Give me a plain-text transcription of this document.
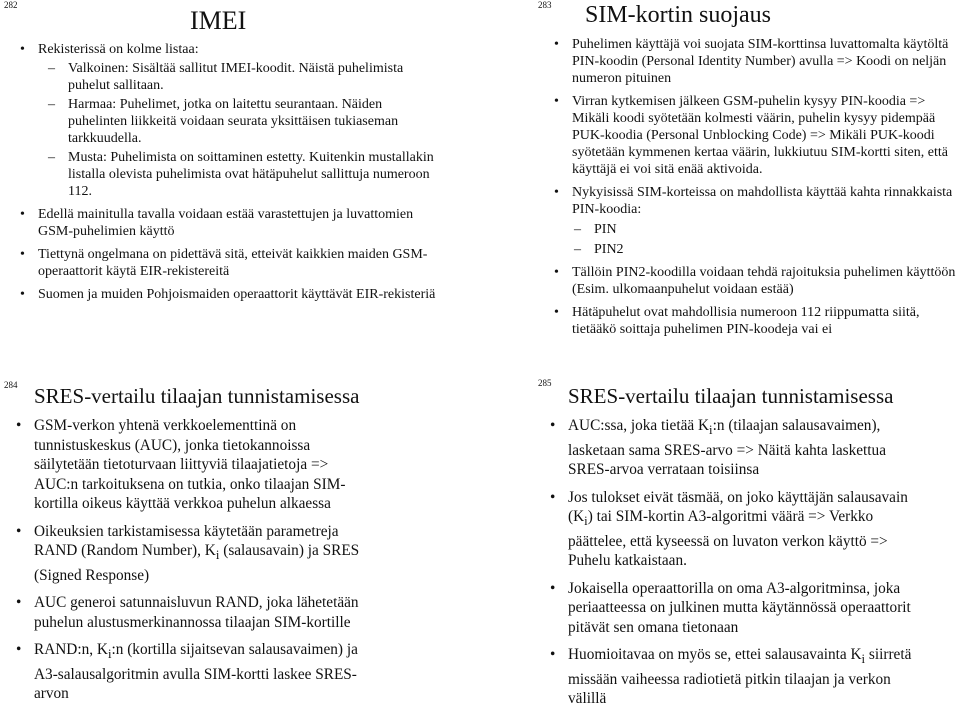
282
IMEI
• Rekisterissä on kolme listaa:
– Valkoinen: Sisältää sallitut IMEI-koodit. Näistä puhelimista puhelut sallitaan.
– Harmaa: Puhelimet, jotka on laitettu seurantaan. Näiden puhelinten liikkeitä voidaan seurata yksittäisen tukiaseman tarkkuudella.
– Musta: Puhelimista on soittaminen estetty. Kuitenkin mustallakin listalla olevista puhelimista ovat hätäpuhelut sallittuja numeroon 112.
• Edellä mainitulla tavalla voidaan estää varastettujen ja luvattomien GSM-puhelimien käyttö
• Tiettynä ongelmana on pidettävä sitä, etteivät kaikkien maiden GSM-operaattorit käytä EIR-rekistereitä
• Suomen ja muiden Pohjoismaiden operaattorit käyttävät EIR-rekisteriä
283 SIM-kortin suojaus
• Puhelimen käyttäjä voi suojata SIM-korttinsa luvattomalta käytöltä PIN-koodin (Personal Identity Number) avulla => Koodi on neljän numeron pituinen
• Virran kytkemisen jälkeen GSM-puhelin kysyy PIN-koodia => Mikäli koodi syötetään kolmesti väärin, puhelin kysyy pidempää PUK-koodia (Personal Unblocking Code) => Mikäli PUK-koodi syötetään kymmenen kertaa väärin, lukkiutuu SIM-kortti siten, että käyttäjä ei voi sitä enää aktivoida.
• Nykyisissä SIM-korteissa on mahdollista käyttää kahta rinnakkaista PIN-koodia:
– PIN
– PIN2
• Tällöin PIN2-koodilla voidaan tehdä rajoituksia puhelimen käyttöön (Esim. ulkomaanpuhelut voidaan estää)
• Hätäpuhelut ovat mahdollisia numeroon 112 riippumatta siitä, tietääkö soittaja puhelimen PIN-koodeja vai ei
284 SRES-vertailu tilaajan tunnistamisessa
• GSM-verkon yhtenä verkkoelementtinä on
tunnistuskeskus (AUC), jonka tietokannoissa
säilytetään tietoturvaan liittyviä tilaajatietoja =>
AUC:n tarkoituksena on tutkia, onko tilaajan SIM-
kortilla oikeus käyttää verkkoa puhelun alkaessa
• Oikeuksien tarkistamisessa käytetään parametreja
RAND (Random Number), $K_i$ (salausavain) ja SRES
(Signed Response)
• AUC generoi satunnaisluvun RAND, joka lähetetään
puhelun alustusmerkinannossa tilaajan SIM-kortille
• RAND:n, $K_i:n$ (kortilla sijaitsevan salausavaimen) ja
A3-salausalgoritmin avulla SIM-kortti laskee SRES-
arvon
285
SRES-vertailu tilaajan tunnistamisessa
• AUC:ssa, joka tietää $K_i:n$ (tilaajan salausavaimen),
lasketaan sama SRES-arvo => Näitä kahta laskettua
SRES-arvoa verrataan toisiinsa
• Jos tulokset eivät täsmää, on joko käyttäjän salausavain
$(K_i)$ tai SIM-kortin A3-algoritmi väärä => Verkko
päättelee, että kyseessä on luvaton verkon käyttö =>
Puhelu katkaistaan.
• Jokaisella operaattorilla on oma A3-algoritminsa, joka
periaatteessa on julkinen mutta käytännössä operaattorit
pitävät sen omana tietonaan
• Huomioitavaa on myös se, ettei salausavainta $K_i$ siirretä
missään vaiheessa radiotietä pitkin tilaajan ja verkon
välillä
